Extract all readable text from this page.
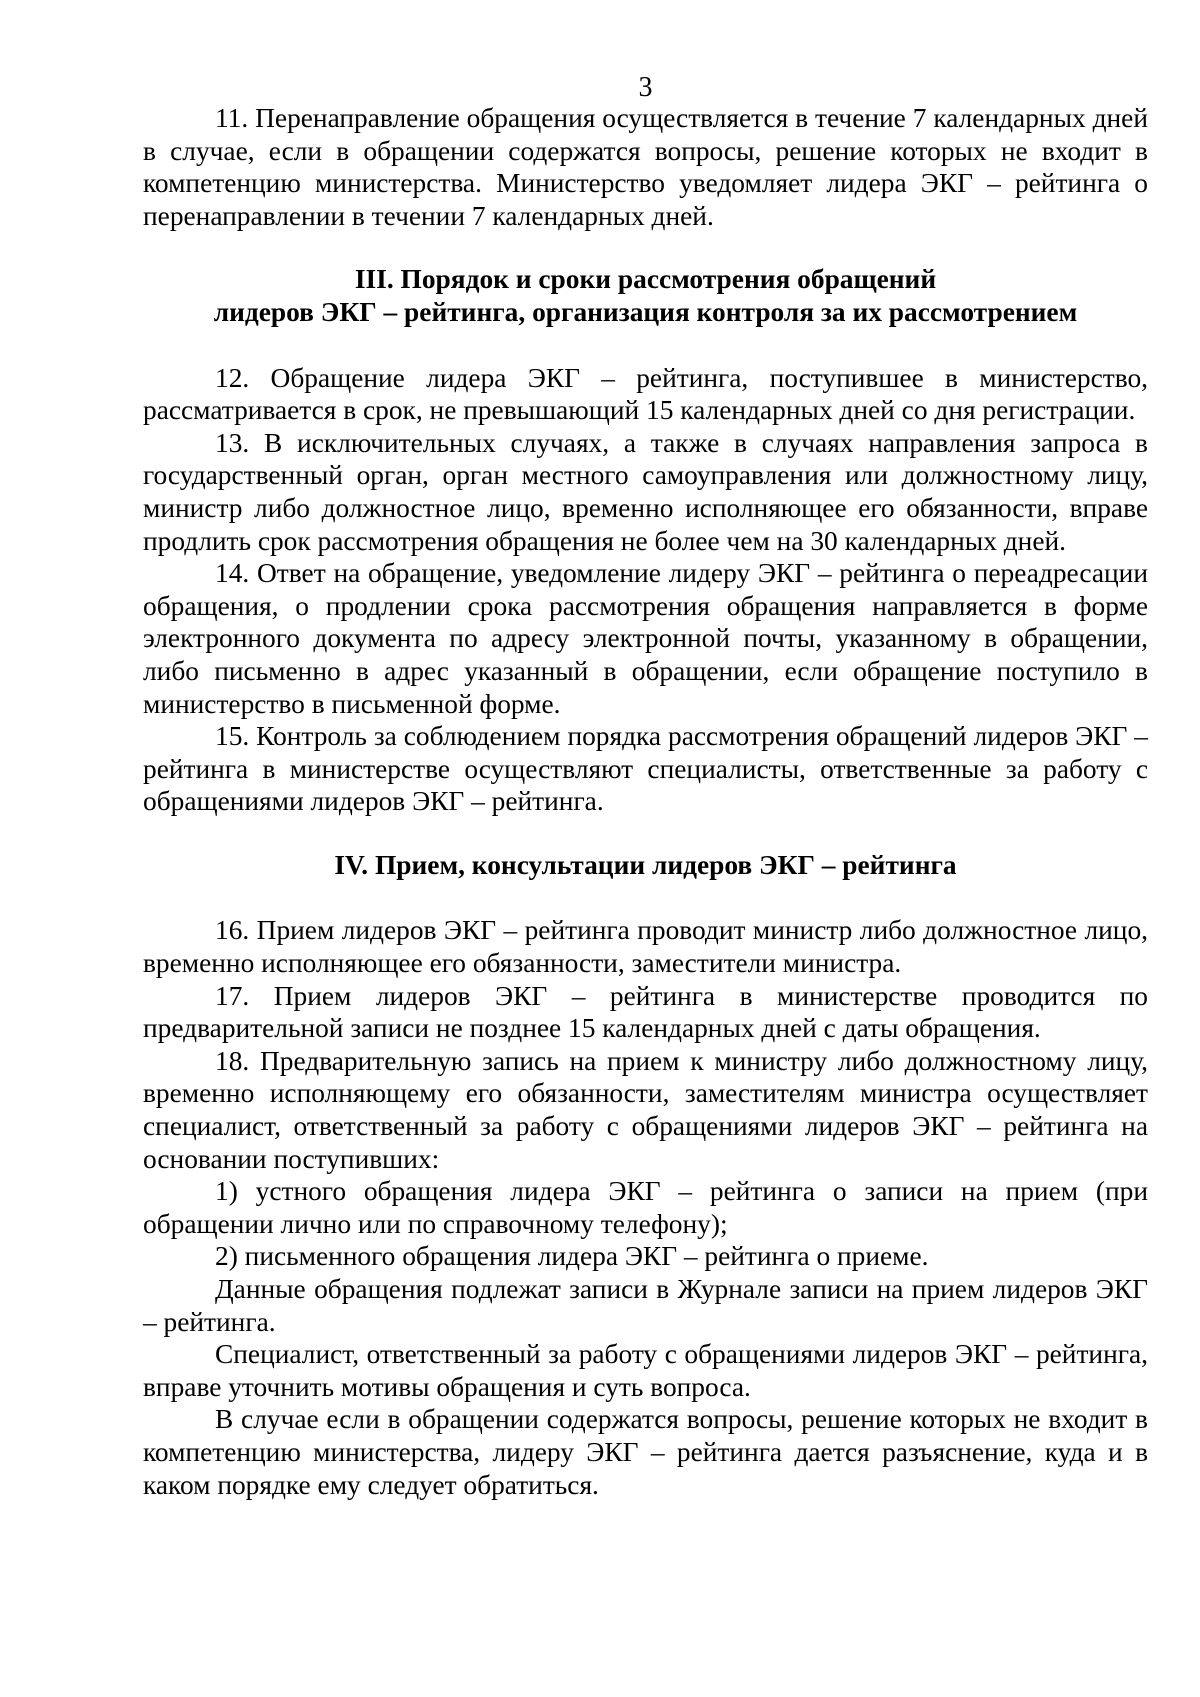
3

11. Перенаправление обращения осуществляется в течение 7 календарных дней в случае, если в обращении содержатся вопросы, решение которых не входит в компетенцию министерства. Министерство уведомляет лидера ЭКГ – рейтинга о перенаправлении в течении 7 календарных дней.

III. Порядок и сроки рассмотрения обращений
лидеров ЭКГ – рейтинга, организация контроля за их рассмотрением

12. Обращение лидера ЭКГ – рейтинга, поступившее в министерство, рассматривается в срок, не превышающий 15 календарных дней со дня регистрации.

13. В исключительных случаях, а также в случаях направления запроса в государственный орган, орган местного самоуправления или должностному лицу, министр либо должностное лицо, временно исполняющее его обязанности, вправе продлить срок рассмотрения обращения не более чем на 30 календарных дней.

14. Ответ на обращение, уведомление лидеру ЭКГ – рейтинга о переадресации обращения, о продлении срока рассмотрения обращения направляется в форме электронного документа по адресу электронной почты, указанному в обращении, либо письменно в адрес указанный в обращении, если обращение поступило в министерство в письменной форме.

15. Контроль за соблюдением порядка рассмотрения обращений лидеров ЭКГ – рейтинга в министерстве осуществляют специалисты, ответственные за работу с обращениями лидеров ЭКГ – рейтинга.

IV. Прием, консультации лидеров ЭКГ – рейтинга

16. Прием лидеров ЭКГ – рейтинга проводит министр либо должностное лицо, временно исполняющее его обязанности, заместители министра.

17. Прием лидеров ЭКГ – рейтинга в министерстве проводится по предварительной записи не позднее 15 календарных дней с даты обращения.

18. Предварительную запись на прием к министру либо должностному лицу, временно исполняющему его обязанности, заместителям министра осуществляет специалист, ответственный за работу с обращениями лидеров ЭКГ – рейтинга на основании поступивших:

1) устного обращения лидера ЭКГ – рейтинга о записи на прием (при обращении лично или по справочному телефону);

2) письменного обращения лидера ЭКГ – рейтинга о приеме.

Данные обращения подлежат записи в Журнале записи на прием лидеров ЭКГ – рейтинга.

Специалист, ответственный за работу с обращениями лидеров ЭКГ – рейтинга, вправе уточнить мотивы обращения и суть вопроса.

В случае если в обращении содержатся вопросы, решение которых не входит в компетенцию министерства, лидеру ЭКГ – рейтинга дается разъяснение, куда и в каком порядке ему следует обратиться.
